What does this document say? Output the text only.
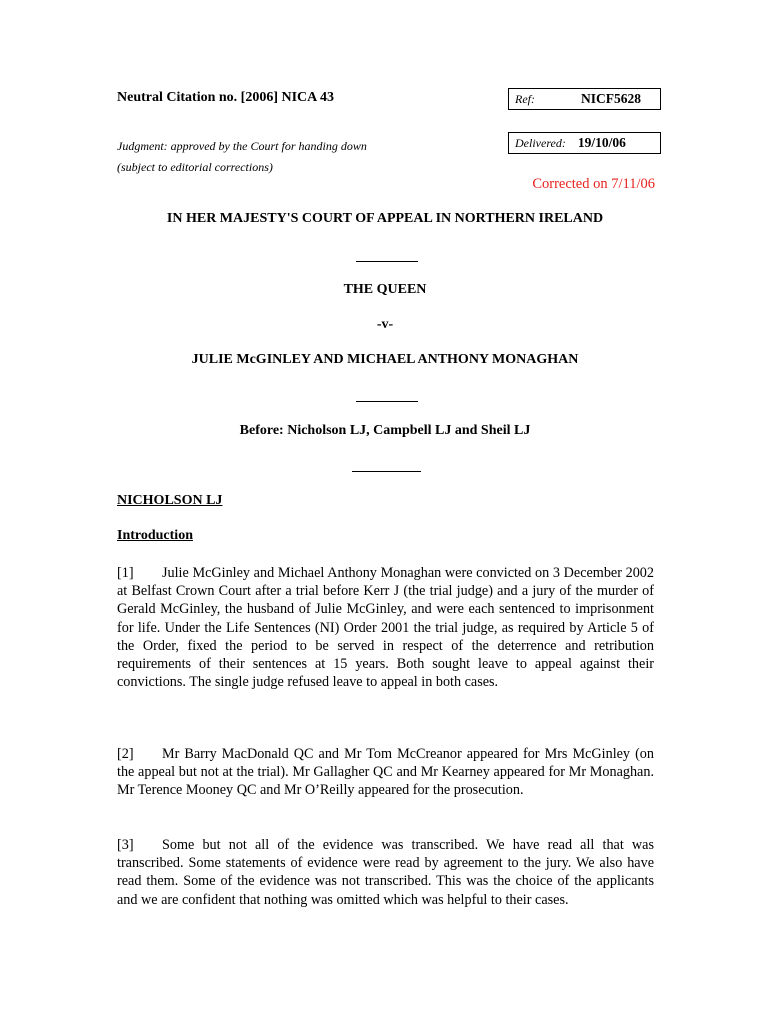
Neutral Citation no. [2006] NICA 43	Ref:	NICF5628
Judgment: approved by the Court for handing down
(subject to editorial corrections)
Delivered: 19/10/06
Corrected on 7/11/06
IN HER MAJESTY'S COURT OF APPEAL IN NORTHERN IRELAND
THE QUEEN
-v-
JULIE McGINLEY AND MICHAEL ANTHONY MONAGHAN
Before: Nicholson LJ, Campbell LJ and Sheil LJ
NICHOLSON LJ
Introduction

[1] Julie McGinley and Michael Anthony Monaghan were convicted on 3 December 2002 at Belfast Crown Court after a trial before Kerr J (the trial judge) and a jury of the murder of Gerald McGinley, the husband of Julie McGinley, and were each sentenced to imprisonment for life. Under the Life Sentences (NI) Order 2001 the trial judge, as required by Article 5 of the Order, fixed the period to be served in respect of the deterrence and retribution requirements of their sentences at 15 years. Both sought leave to appeal against their convictions. The single judge refused leave to appeal in both cases.

[2] Mr Barry MacDonald QC and Mr Tom McCreanor appeared for Mrs McGinley (on the appeal but not at the trial). Mr Gallagher QC and Mr Kearney appeared for Mr Monaghan. Mr Terence Mooney QC and Mr O’Reilly appeared for the prosecution.

[3] Some but not all of the evidence was transcribed. We have read all that was transcribed. Some statements of evidence were read by agreement to the jury. We also have read them. Some of the evidence was not transcribed. This was the choice of the applicants and we are confident that nothing was omitted which was helpful to their cases.
